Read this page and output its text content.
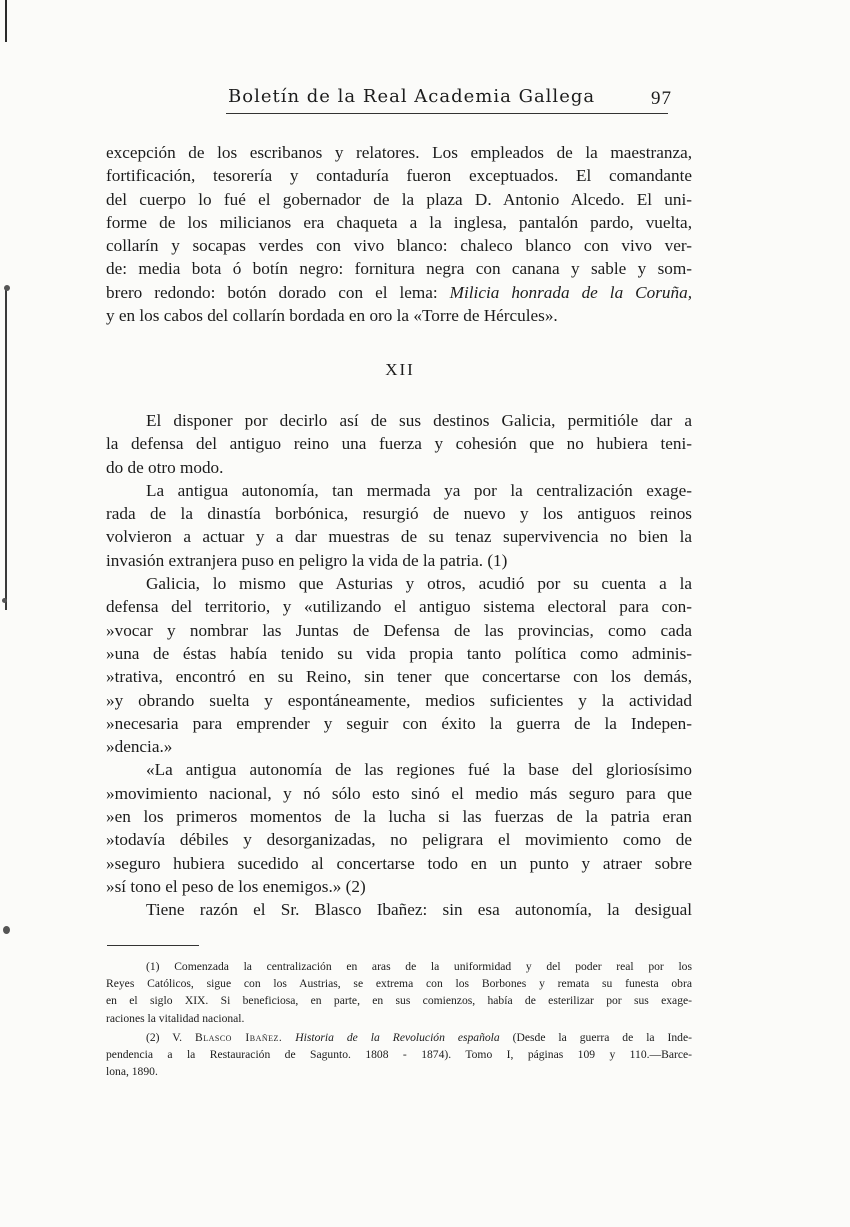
Boletín de la Real Academia Gallega	97
excepción de los escribanos y relatores. Los empleados de la maestranza,
fortificación, tesorería y contaduría fueron exceptuados. El comandante
del cuerpo lo fué el gobernador de la plaza D. Antonio Alcedo. El uni-
forme de los milicianos era chaqueta a la inglesa, pantalón pardo, vuelta,
collarín y socapas verdes con vivo blanco: chaleco blanco con vivo ver-
de: media bota ó botín negro: fornitura negra con canana y sable y som-
brero redondo: botón dorado con el lema: Milicia honrada de la Coruña,
y en los cabos del collarín bordada en oro la «Torre de Hércules».
XII
El disponer por decirlo así de sus destinos Galicia, permitióle dar a
la defensa del antiguo reino una fuerza y cohesión que no hubiera teni-
do de otro modo.
La antigua autonomía, tan mermada ya por la centralización exage-
rada de la dinastía borbónica, resurgió de nuevo y los antiguos reinos
volvieron a actuar y a dar muestras de su tenaz supervivencia no bien la
invasión extranjera puso en peligro la vida de la patria. (1)
Galicia, lo mismo que Asturias y otros, acudió por su cuenta a la
defensa del territorio, y «utilizando el antiguo sistema electoral para con-
»vocar y nombrar las Juntas de Defensa de las provincias, como cada
»una de éstas había tenido su vida propia tanto política como adminis-
»trativa, encontró en su Reino, sin tener que concertarse con los demás,
»y obrando suelta y espontáneamente, medios suficientes y la actividad
»necesaria para emprender y seguir con éxito la guerra de la Indepen-
»dencia.»
«La antigua autonomía de las regiones fué la base del gloriosísimo
»movimiento nacional, y nó sólo esto sinó el medio más seguro para que
»en los primeros momentos de la lucha si las fuerzas de la patria eran
»todavía débiles y desorganizadas, no peligrara el movimiento como de
»seguro hubiera sucedido al concertarse todo en un punto y atraer sobre
»sí tono el peso de los enemigos.» (2)
Tiene razón el Sr. Blasco Ibañez: sin esa autonomía, la desigual
(1) Comenzada la centralización en aras de la uniformidad y del poder real por los
Reyes Católicos, sigue con los Austrias, se extrema con los Borbones y remata su funesta obra
en el siglo XIX. Si beneficiosa, en parte, en sus comienzos, había de esterilizar por sus exage-
raciones la vitalidad nacional.
(2) V. Blasco Ibañez. Historia de la Revolución española (Desde la guerra de la Inde-
pendencia a la Restauración de Sagunto. 1808 - 1874). Tomo I, páginas 109 y 110.—Barce-
lona, 1890.
